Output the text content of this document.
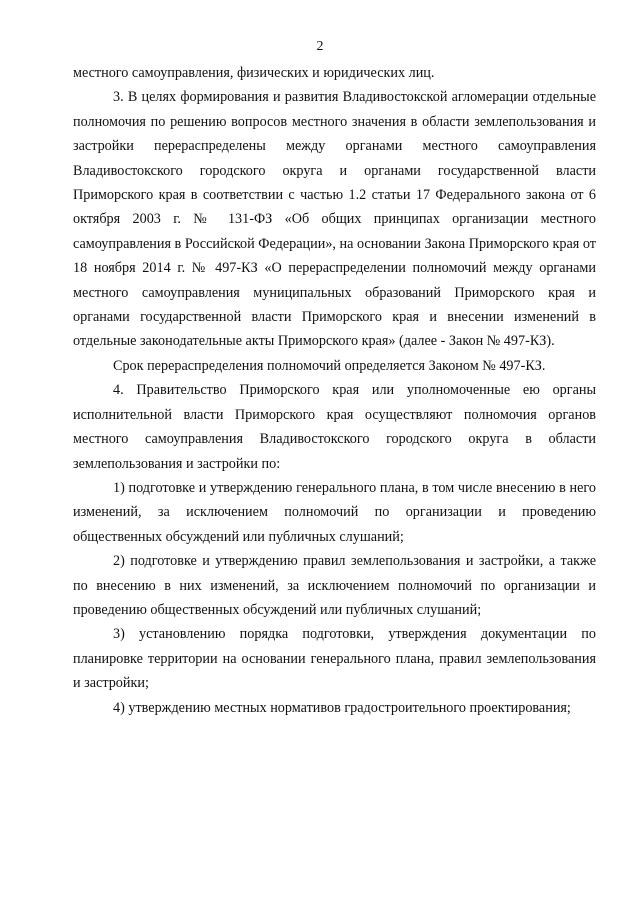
2

местного самоуправления, физических и юридических лиц.

3. В целях формирования и развития Владивостокской агломерации отдельные полномочия по решению вопросов местного значения в области землепользования и застройки перераспределены между органами местного самоуправления Владивостокского городского округа и органами государственной власти Приморского края в соответствии с частью 1.2 статьи 17 Федерального закона от 6 октября 2003 г. № 131-ФЗ «Об общих принципах организации местного самоуправления в Российской Федерации», на основании Закона Приморского края от 18 ноября 2014 г. № 497-КЗ «О перераспределении полномочий между органами местного самоуправления муниципальных образований Приморского края и органами государственной власти Приморского края и внесении изменений в отдельные законодательные акты Приморского края» (далее - Закон № 497-КЗ).

Срок перераспределения полномочий определяется Законом № 497-КЗ.

4. Правительство Приморского края или уполномоченные ею органы исполнительной власти Приморского края осуществляют полномочия органов местного самоуправления Владивостокского городского округа в области землепользования и застройки по:

1) подготовке и утверждению генерального плана, в том числе внесению в него изменений, за исключением полномочий по организации и проведению общественных обсуждений или публичных слушаний;

2) подготовке и утверждению правил землепользования и застройки, а также по внесению в них изменений, за исключением полномочий по организации и проведению общественных обсуждений или публичных слушаний;

3) установлению порядка подготовки, утверждения документации по планировке территории на основании генерального плана, правил землепользования и застройки;

4) утверждению местных нормативов градостроительного проектирования;
